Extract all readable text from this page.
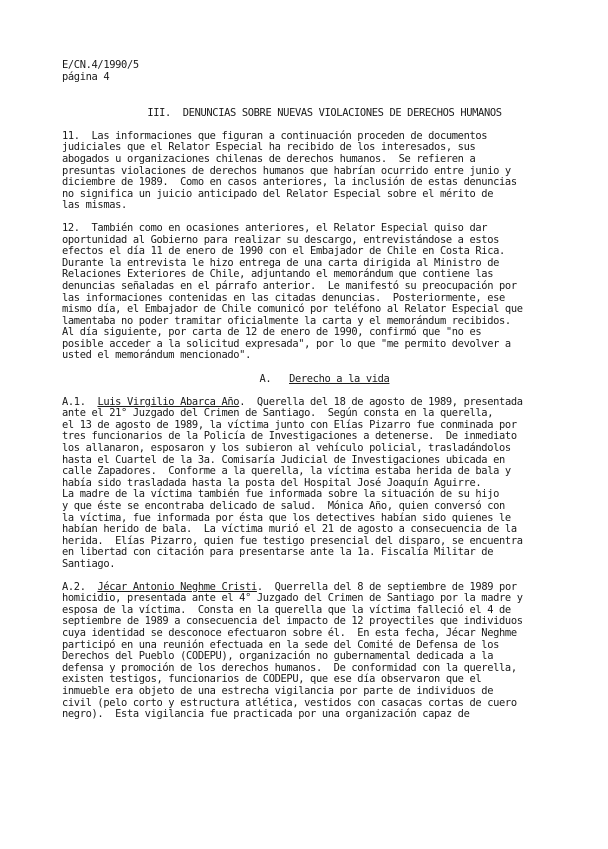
E/CN.4/1990/5

página 4

III.  DENUNCIAS SOBRE NUEVAS VIOLACIONES DE DERECHOS HUMANOS

11.  Las informaciones que figuran a continuación proceden de documentos

judiciales que el Relator Especial ha recibido de los interesados, sus

abogados u organizaciones chilenas de derechos humanos.  Se refieren a

presuntas violaciones de derechos humanos que habrían ocurrido entre junio y

diciembre de 1989.  Como en casos anteriores, la inclusión de estas denuncias

no significa un juicio anticipado del Relator Especial sobre el mérito de

las mismas.

12.  También como en ocasiones anteriores, el Relator Especial quiso dar

oportunidad al Gobierno para realizar su descargo, entrevistándose a estos

efectos el día 11 de enero de 1990 con el Embajador de Chile en Costa Rica.

Durante la entrevista le hizo entrega de una carta dirigida al Ministro de

Relaciones Exteriores de Chile, adjuntando el memorándum que contiene las

denuncias señaladas en el párrafo anterior.  Le manifestó su preocupación por

las informaciones contenidas en las citadas denuncias.  Posteriormente, ese

mismo día, el Embajador de Chile comunicó por teléfono al Relator Especial que

lamentaba no poder tramitar oficialmente la carta y el memorándum recibidos.

Al día siguiente, por carta de 12 de enero de 1990, confirmó que "no es

posible acceder a la solicitud expresada", por lo que "me permito devolver a

usted el memorándum mencionado".

A. Derecho a la vida

A.1. Luis Virgilio Abarca Año.  Querella del 18 de agosto de 1989, presentada

ante el 21° Juzgado del Crimen de Santiago.  Según consta en la querella,

el 13 de agosto de 1989, la víctima junto con Elías Pizarro fue conminada por

tres funcionarios de la Policía de Investigaciones a detenerse.  De inmediato

los allanaron, esposaron y los subieron al vehículo policial, trasladándolos

hasta el Cuartel de la 3a. Comisaría Judicial de Investigaciones ubicada en

calle Zapadores.  Conforme a la querella, la víctima estaba herida de bala y

había sido trasladada hasta la posta del Hospital José Joaquín Aguirre.

La madre de la víctima también fue informada sobre la situación de su hijo

y que éste se encontraba delicado de salud.  Mónica Año, quien conversó con

la víctima, fue informada por ésta que los detectives habían sido quienes le

habían herido de bala.  La víctima murió el 21 de agosto a consecuencia de la

herida.  Elías Pizarro, quien fue testigo presencial del disparo, se encuentra

en libertad con citación para presentarse ante la 1a. Fiscalía Militar de

Santiago.

A.2. Jécar Antonio Neghme Cristi.  Querrella del 8 de septiembre de 1989 por

homicidio, presentada ante el 4° Juzgado del Crimen de Santiago por la madre y

esposa de la víctima.  Consta en la querella que la víctima falleció el 4 de

septiembre de 1989 a consecuencia del impacto de 12 proyectiles que individuos

cuya identidad se desconoce efectuaron sobre él.  En esta fecha, Jécar Neghme

participó en una reunión efectuada en la sede del Comité de Defensa de los

Derechos del Pueblo (CODEPU), organización no gubernamental dedicada a la

defensa y promoción de los derechos humanos.  De conformidad con la querella,

existen testigos, funcionarios de CODEPU, que ese día observaron que el

inmueble era objeto de una estrecha vigilancia por parte de individuos de

civil (pelo corto y estructura atlética, vestidos con casacas cortas de cuero

negro).  Esta vigilancia fue practicada por una organización capaz de
